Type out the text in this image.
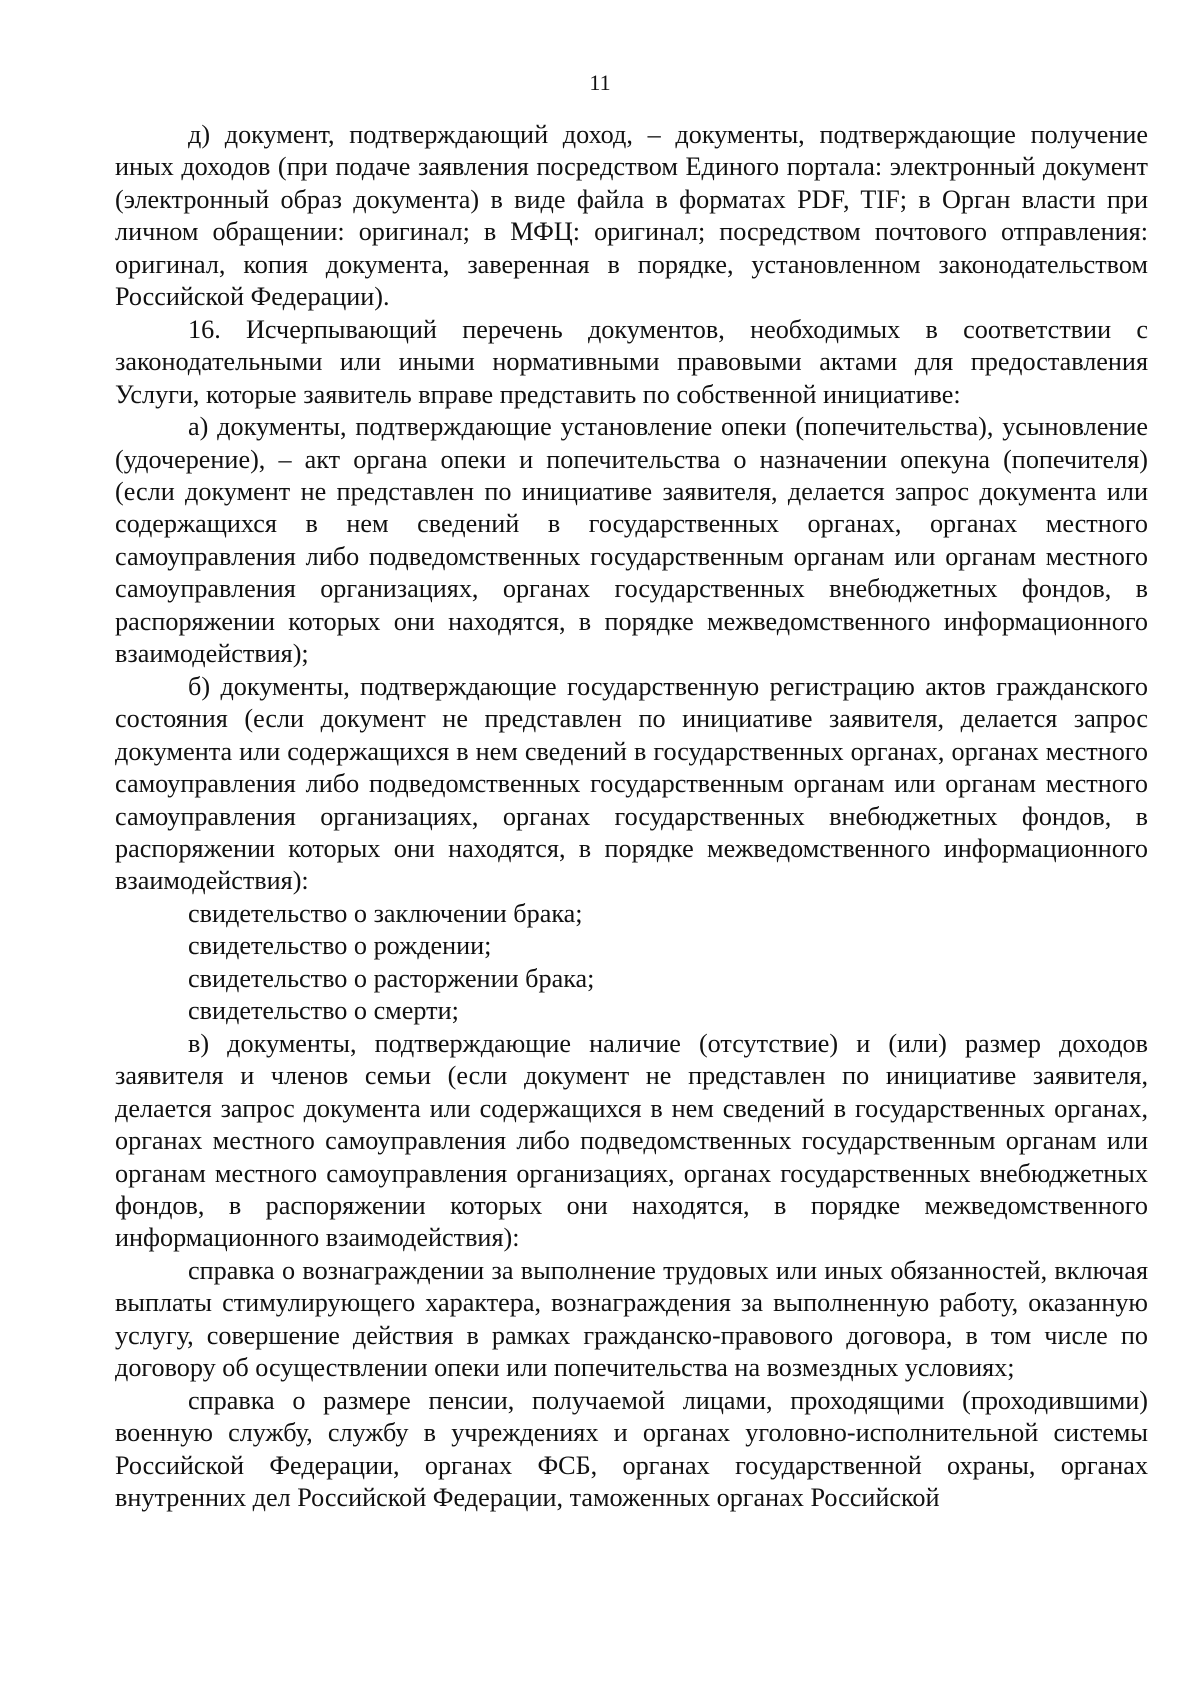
11

д) документ, подтверждающий доход, – документы, подтверждающие получение иных доходов (при подаче заявления посредством Единого портала: электронный документ (электронный образ документа) в виде файла в форматах PDF, TIF; в Орган власти при личном обращении: оригинал; в МФЦ: оригинал; посредством почтового отправления: оригинал, копия документа, заверенная в порядке, установленном законодательством Российской Федерации).

16. Исчерпывающий перечень документов, необходимых в соответствии с законодательными или иными нормативными правовыми актами для предоставления Услуги, которые заявитель вправе представить по собственной инициативе:

а) документы, подтверждающие установление опеки (попечительства), усыновление (удочерение), – акт органа опеки и попечительства о назначении опекуна (попечителя) (если документ не представлен по инициативе заявителя, делается запрос документа или содержащихся в нем сведений в государственных органах, органах местного самоуправления либо подведомственных государственным органам или органам местного самоуправления организациях, органах государственных внебюджетных фондов, в распоряжении которых они находятся, в порядке межведомственного информационного взаимодействия);

б) документы, подтверждающие государственную регистрацию актов гражданского состояния (если документ не представлен по инициативе заявителя, делается запрос документа или содержащихся в нем сведений в государственных органах, органах местного самоуправления либо подведомственных государственным органам или органам местного самоуправления организациях, органах государственных внебюджетных фондов, в распоряжении которых они находятся, в порядке межведомственного информационного взаимодействия):

свидетельство о заключении брака;

свидетельство о рождении;

свидетельство о расторжении брака;

свидетельство о смерти;

в) документы, подтверждающие наличие (отсутствие) и (или) размер доходов заявителя и членов семьи (если документ не представлен по инициативе заявителя, делается запрос документа или содержащихся в нем сведений в государственных органах, органах местного самоуправления либо подведомственных государственным органам или органам местного самоуправления организациях, органах государственных внебюджетных фондов, в распоряжении которых они находятся, в порядке межведомственного информационного взаимодействия):

справка о вознаграждении за выполнение трудовых или иных обязанностей, включая выплаты стимулирующего характера, вознаграждения за выполненную работу, оказанную услугу, совершение действия в рамках гражданско-правового договора, в том числе по договору об осуществлении опеки или попечительства на возмездных условиях;

справка о размере пенсии, получаемой лицами, проходящими (проходившими) военную службу, службу в учреждениях и органах уголовно-исполнительной системы Российской Федерации, органах ФСБ, органах государственной охраны, органах внутренних дел Российской Федерации, таможенных органах Российской
